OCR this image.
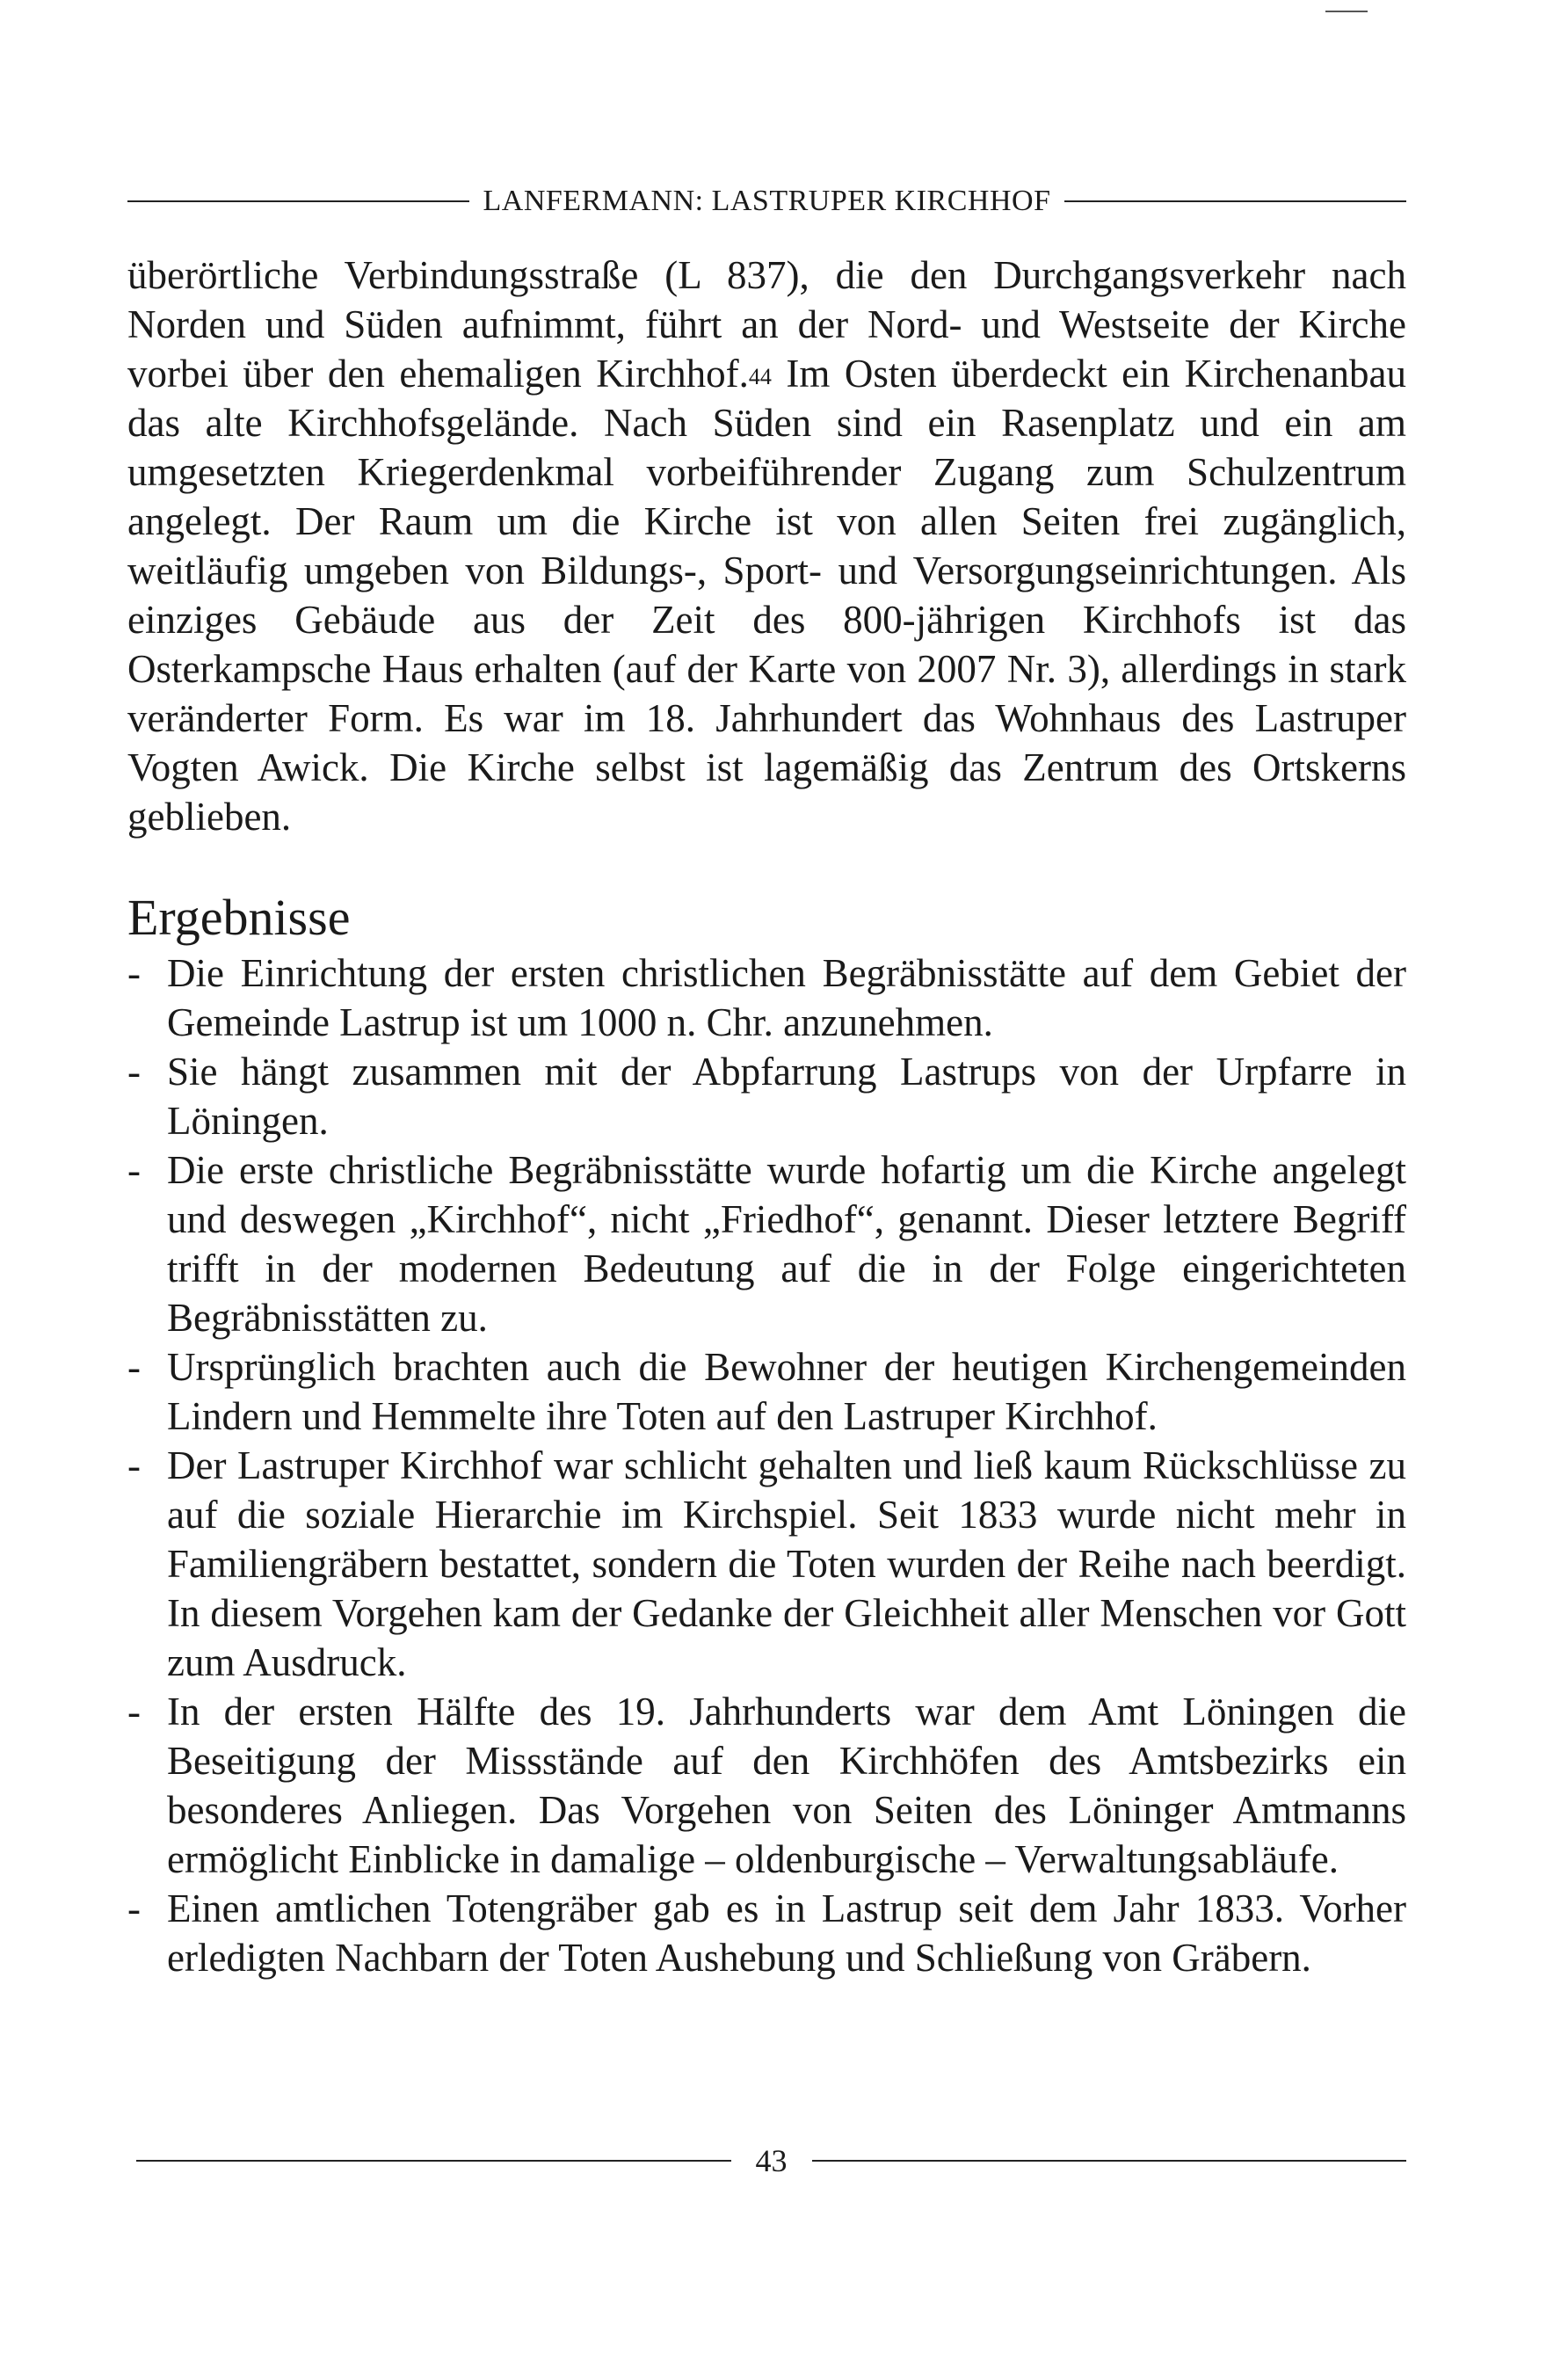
LANFERMANN: LASTRUPER KIRCHHOF

überörtliche Verbindungsstraße (L 837), die den Durchgangsverkehr nach Norden und Süden aufnimmt, führt an der Nord- und Westseite der Kirche vorbei über den ehemaligen Kirchhof.$^{44}$ Im Osten überdeckt ein Kirchenanbau das alte Kirchhofsgelände. Nach Süden sind ein Rasenplatz und ein am umgesetzten Kriegerdenkmal vorbeiführender Zugang zum Schulzentrum angelegt. Der Raum um die Kirche ist von allen Seiten frei zugänglich, weitläufig umgeben von Bildungs-, Sport- und Versorgungseinrichtungen. Als einziges Gebäude aus der Zeit des 800-jährigen Kirchhofs ist das Osterkampsche Haus erhalten (auf der Karte von 2007 Nr. 3), allerdings in stark veränderter Form. Es war im 18. Jahrhundert das Wohnhaus des Lastruper Vogten Awick. Die Kirche selbst ist lagemäßig das Zentrum des Ortskerns geblieben.

Ergebnisse
- Die Einrichtung der ersten christlichen Begräbnisstätte auf dem Gebiet der Gemeinde Lastrup ist um 1000 n. Chr. anzunehmen.
- Sie hängt zusammen mit der Abpfarrung Lastrups von der Urpfarre in Löningen.
- Die erste christliche Begräbnisstätte wurde hofartig um die Kirche angelegt und deswegen „Kirchhof“, nicht „Friedhof“, genannt. Dieser letztere Begriff trifft in der modernen Bedeutung auf die in der Folge eingerichteten Begräbnisstätten zu.
- Ursprünglich brachten auch die Bewohner der heutigen Kirchengemeinden Lindern und Hemmelte ihre Toten auf den Lastruper Kirchhof.
- Der Lastruper Kirchhof war schlicht gehalten und ließ kaum Rückschlüsse zu auf die soziale Hierarchie im Kirchspiel. Seit 1833 wurde nicht mehr in Familiengräbern bestattet, sondern die Toten wurden der Reihe nach beerdigt. In diesem Vorgehen kam der Gedanke der Gleichheit aller Menschen vor Gott zum Ausdruck.
- In der ersten Hälfte des 19. Jahrhunderts war dem Amt Löningen die Beseitigung der Missstände auf den Kirchhöfen des Amtsbezirks ein besonderes Anliegen. Das Vorgehen von Seiten des Löninger Amtmanns ermöglicht Einblicke in damalige – oldenburgische – Verwaltungsabläufe.
- Einen amtlichen Totengräber gab es in Lastrup seit dem Jahr 1833. Vorher erledigten Nachbarn der Toten Aushebung und Schließung von Gräbern.
43
